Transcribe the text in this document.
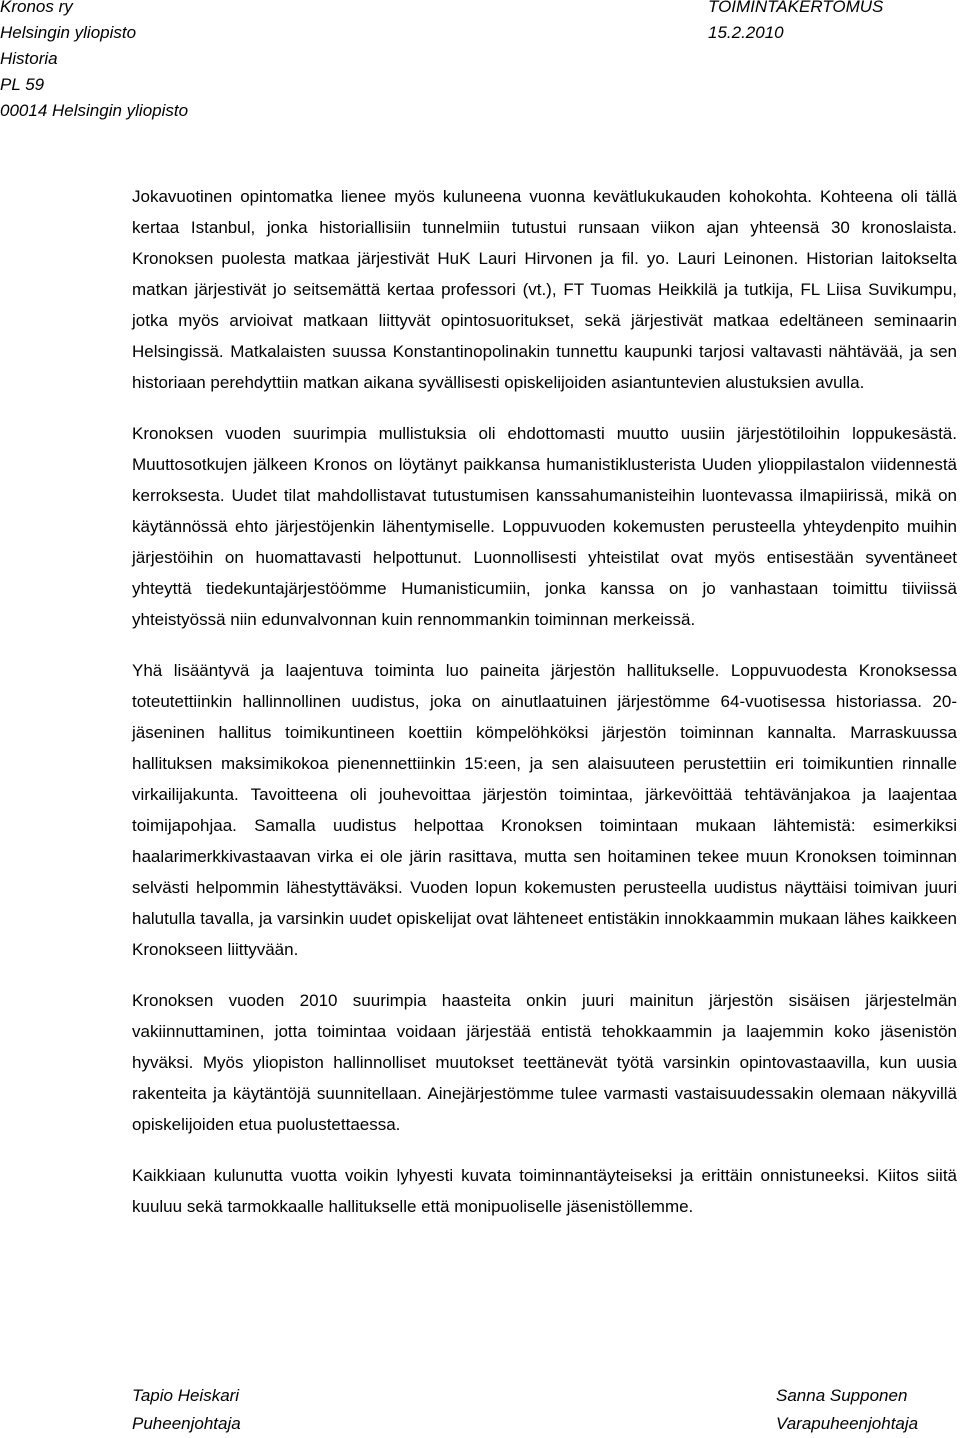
Kronos ry
Helsingin yliopisto
Historia
PL 59
00014 Helsingin yliopisto
TOIMINTAKERTOMUS
15.2.2010

Jokavuotinen opintomatka lienee myös kuluneena vuonna kevätlukukauden kohokohta. Kohteena oli tällä kertaa Istanbul, jonka historiallisiin tunnelmiin tutustui runsaan viikon ajan yhteensä 30 kronoslaista. Kronoksen puolesta matkaa järjestivät HuK Lauri Hirvonen ja fil. yo. Lauri Leinonen. Historian laitokselta matkan järjestivät jo seitsemättä kertaa professori (vt.), FT Tuomas Heikkilä ja tutkija, FL Liisa Suvikumpu, jotka myös arvioivat matkaan liittyvät opintosuoritukset, sekä järjestivät matkaa edeltäneen seminaarin Helsingissä. Matkalaisten suussa Konstantinopolinakin tunnettu kaupunki tarjosi valtavasti nähtävää, ja sen historiaan perehdyttiin matkan aikana syvällisesti opiskelijoiden asiantuntevien alustuksien avulla.

Kronoksen vuoden suurimpia mullistuksia oli ehdottomasti muutto uusiin järjestötiloihin loppukesästä. Muuttosotkujen jälkeen Kronos on löytänyt paikkansa humanistiklusterista Uuden ylioppilastalon viidennestä kerroksesta. Uudet tilat mahdollistavat tutustumisen kanssahumanisteihin luontevassa ilmapiirissä, mikä on käytännössä ehto järjestöjenkin lähentymiselle. Loppuvuoden kokemusten perusteella yhteydenpito muihin järjestöihin on huomattavasti helpottunut. Luonnollisesti yhteistilat ovat myös entisestään syventäneet yhteyttä tiedekuntajärjestöömme Humanisticumiin, jonka kanssa on jo vanhastaan toimittu tiiviissä yhteistyössä niin edunvalvonnan kuin rennommankin toiminnan merkeissä.

Yhä lisääntyvä ja laajentuva toiminta luo paineita järjestön hallitukselle. Loppuvuodesta Kronoksessa toteutettiinkin hallinnollinen uudistus, joka on ainutlaatuinen järjestömme 64-vuotisessa historiassa. 20-jäseninen hallitus toimikuntineen koettiin kömpelöhköksi järjestön toiminnan kannalta. Marraskuussa hallituksen maksimikokoa pienennettiinkin 15:een, ja sen alaisuuteen perustettiin eri toimikuntien rinnalle virkailijakunta. Tavoitteena oli jouhevoittaa järjestön toimintaa, järkevöittää tehtävänjakoa ja laajentaa toimijapohjaa. Samalla uudistus helpottaa Kronoksen toimintaan mukaan lähtemistä: esimerkiksi haalarimerkkivastaavan virka ei ole järin rasittava, mutta sen hoitaminen tekee muun Kronoksen toiminnan selvästi helpommin lähestyttäväksi. Vuoden lopun kokemusten perusteella uudistus näyttäisi toimivan juuri halutulla tavalla, ja varsinkin uudet opiskelijat ovat lähteneet entistäkin innokkaammin mukaan lähes kaikkeen Kronokseen liittyvään.

Kronoksen vuoden 2010 suurimpia haasteita onkin juuri mainitun järjestön sisäisen järjestelmän vakiinnuttaminen, jotta toimintaa voidaan järjestää entistä tehokkaammin ja laajemmin koko jäsenistön hyväksi. Myös yliopiston hallinnolliset muutokset teettänevät työtä varsinkin opintovastaavilla, kun uusia rakenteita ja käytäntöjä suunnitellaan. Ainejärjestömme tulee varmasti vastaisuudessakin olemaan näkyvillä opiskelijoiden etua puolustettaessa.

Kaikkiaan kulunutta vuotta voikin lyhyesti kuvata toiminnantäyteiseksi ja erittäin onnistuneeksi. Kiitos siitä kuuluu sekä tarmokkaalle hallitukselle että monipuoliselle jäsenistöllemme.

Tapio Heiskari
Puheenjohtaja
Sanna Supponen
Varapuheenjohtaja
